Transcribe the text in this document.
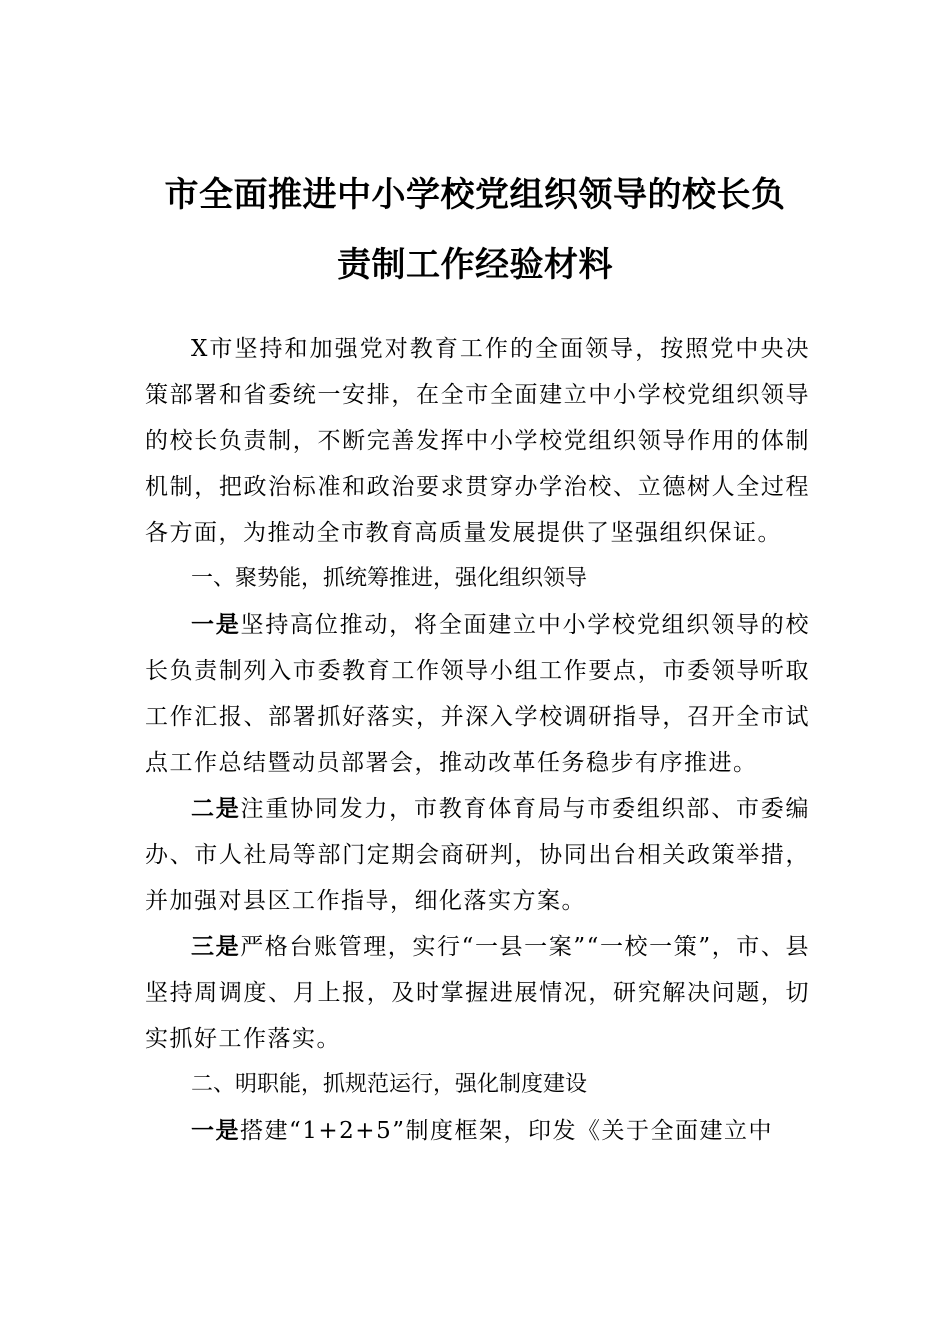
市全面推进中小学校党组织领导的校长负
责制工作经验材料

X市坚持和加强党对教育工作的全面领导，按照党中央决策部署和省委统一安排，在全市全面建立中小学校党组织领导的校长负责制，不断完善发挥中小学校党组织领导作用的体制机制，把政治标准和政治要求贯穿办学治校、立德树人全过程各方面，为推动全市教育高质量发展提供了坚强组织保证。

一、聚势能，抓统筹推进，强化组织领导

一是坚持高位推动，将全面建立中小学校党组织领导的校长负责制列入市委教育工作领导小组工作要点，市委领导听取工作汇报、部署抓好落实，并深入学校调研指导，召开全市试点工作总结暨动员部署会，推动改革任务稳步有序推进。

二是注重协同发力，市教育体育局与市委组织部、市委编办、市人社局等部门定期会商研判，协同出台相关政策举措，并加强对县区工作指导，细化落实方案。

三是严格台账管理，实行“一县一案”“一校一策”，市、县坚持周调度、月上报，及时掌握进展情况，研究解决问题，切实抓好工作落实。

二、明职能，抓规范运行，强化制度建设

一是搭建“1+2+5”制度框架，印发《关于全面建立中
